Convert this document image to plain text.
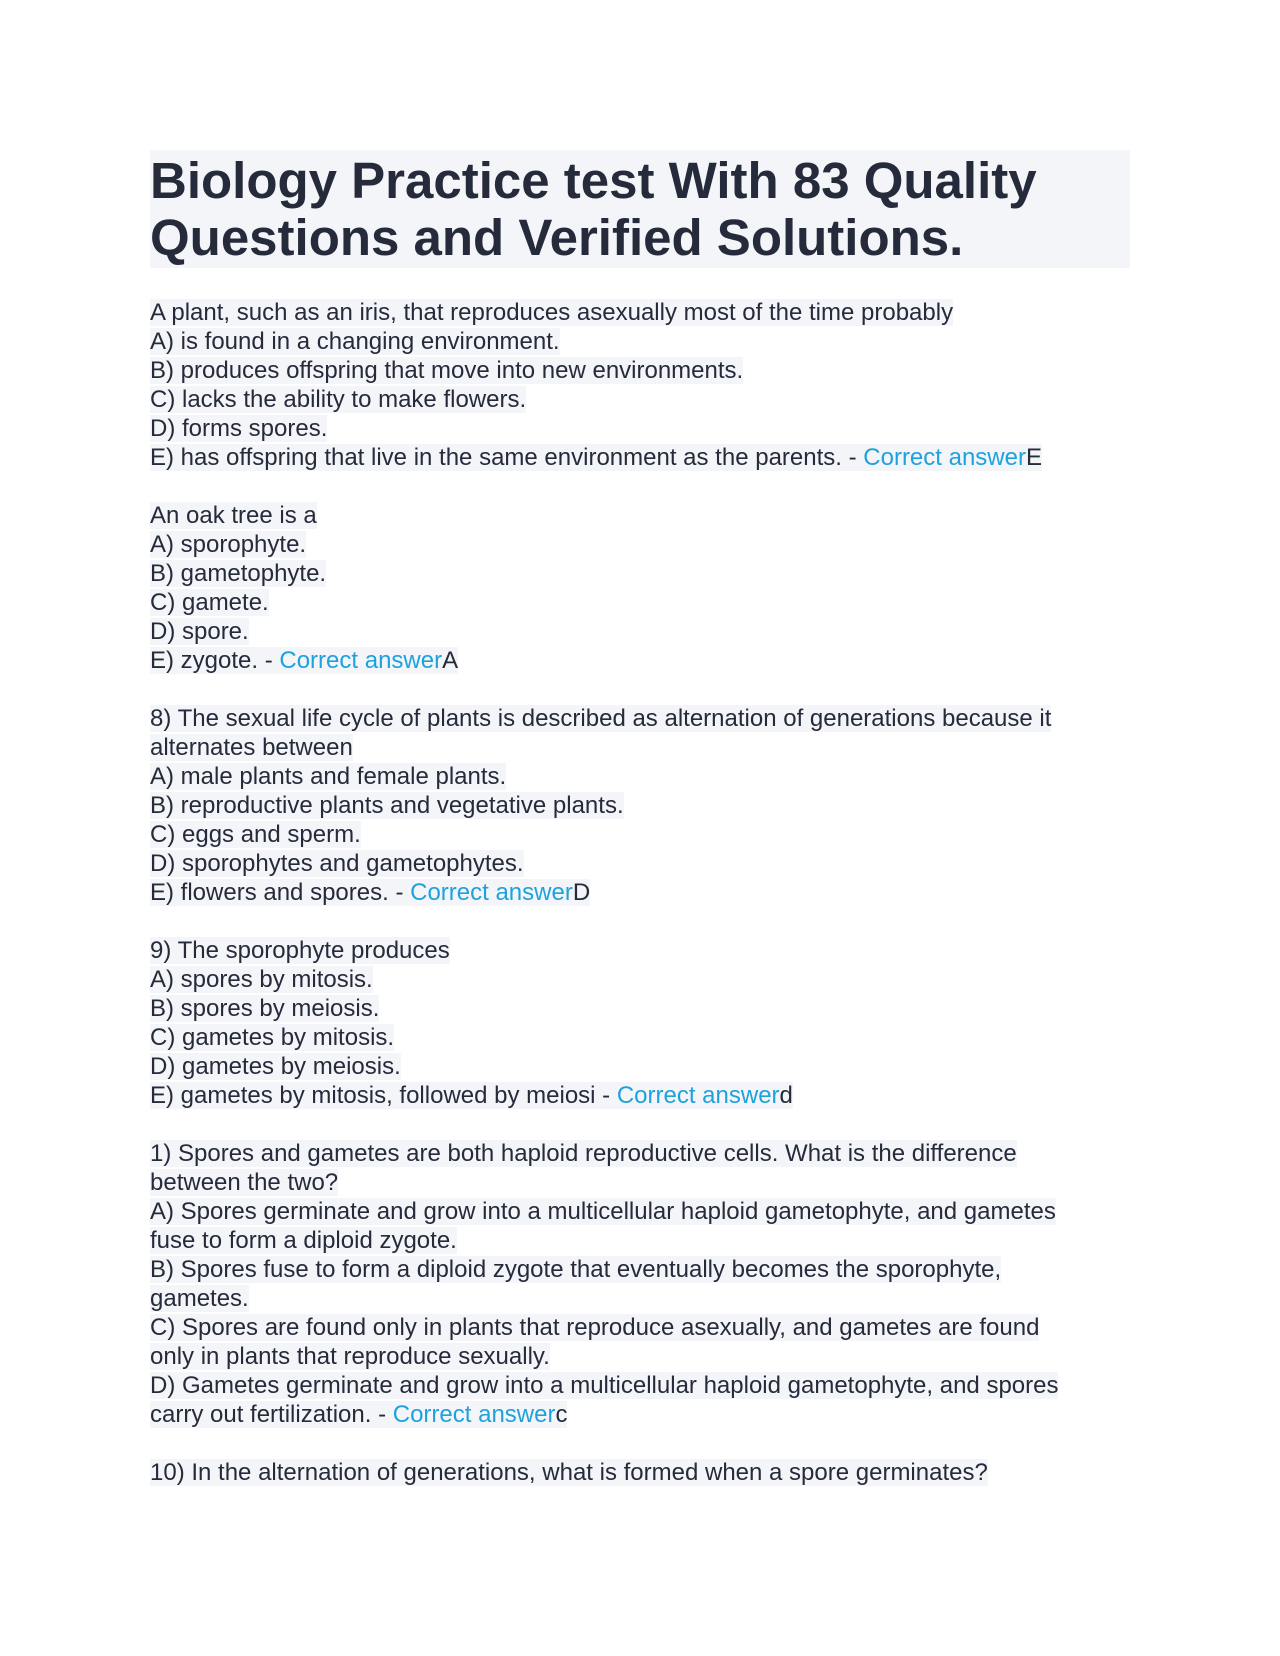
Biology Practice test With 83 Quality Questions and Verified Solutions.
A plant, such as an iris, that reproduces asexually most of the time probably
A) is found in a changing environment.
B) produces offspring that move into new environments.
C) lacks the ability to make flowers.
D) forms spores.
E) has offspring that live in the same environment as the parents. - Correct answerE
An oak tree is a
A) sporophyte.
B) gametophyte.
C) gamete.
D) spore.
E) zygote. - Correct answerA
8) The sexual life cycle of plants is described as alternation of generations because it
alternates between
A) male plants and female plants.
B) reproductive plants and vegetative plants.
C) eggs and sperm.
D) sporophytes and gametophytes.
E) flowers and spores. - Correct answerD
9) The sporophyte produces
A) spores by mitosis.
B) spores by meiosis.
C) gametes by mitosis.
D) gametes by meiosis.
E) gametes by mitosis, followed by meiosi - Correct answerd
1) Spores and gametes are both haploid reproductive cells. What is the difference
between the two?
A) Spores germinate and grow into a multicellular haploid gametophyte, and gametes
fuse to form a diploid zygote.
B) Spores fuse to form a diploid zygote that eventually becomes the sporophyte,
gametes.
C) Spores are found only in plants that reproduce asexually, and gametes are found
only in plants that reproduce sexually.
D) Gametes germinate and grow into a multicellular haploid gametophyte, and spores
carry out fertilization. - Correct answerc
10) In the alternation of generations, what is formed when a spore germinates?
